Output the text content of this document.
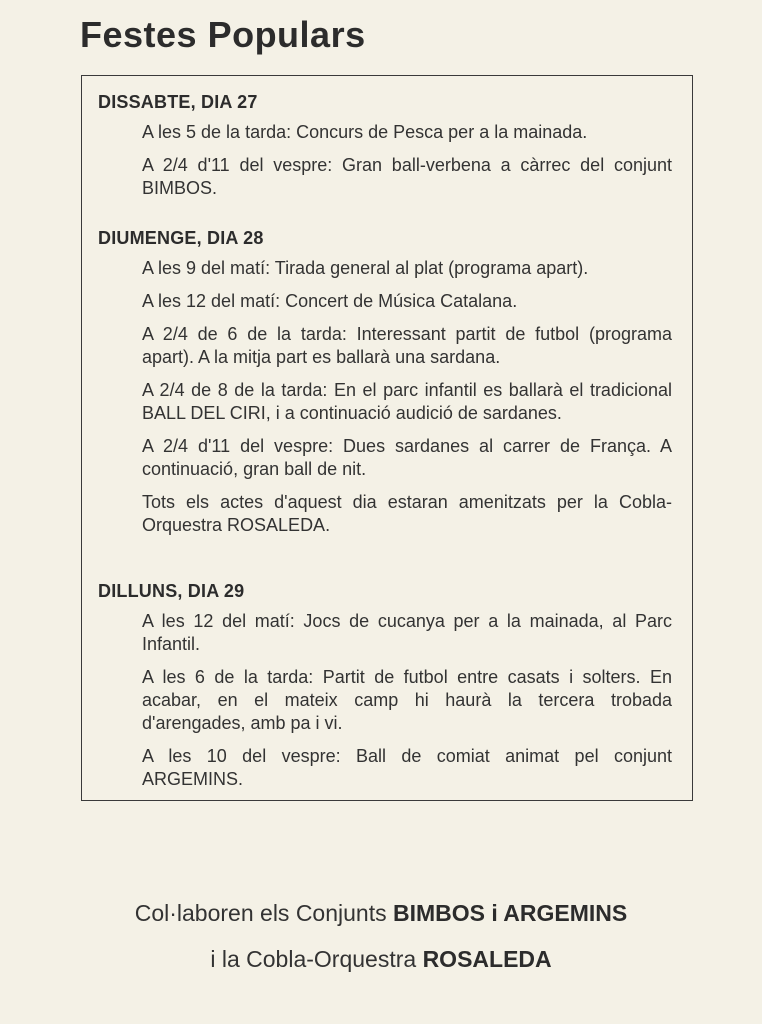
Festes Populars

DISSABTE, DIA 27

A les 5 de la tarda: Concurs de Pesca per a la mainada.

A 2/4 d'11 del vespre: Gran ball-verbena a càrrec del conjunt BIMBOS.

DIUMENGE, DIA 28

A les 9 del matí: Tirada general al plat (programa apart).

A les 12 del matí: Concert de Música Catalana.

A 2/4 de 6 de la tarda: Interessant partit de futbol (programa apart). A la mitja part es ballarà una sardana.

A 2/4 de 8 de la tarda: En el parc infantil es ballarà el tradicional BALL DEL CIRI, i a continuació audició de sardanes.

A 2/4 d'11 del vespre: Dues sardanes al carrer de França. A continuació, gran ball de nit.

Tots els actes d'aquest dia estaran amenitzats per la Cobla-Orquestra ROSALEDA.

DILLUNS, DIA 29

A les 12 del matí: Jocs de cucanya per a la mainada, al Parc Infantil.

A les 6 de la tarda: Partit de futbol entre casats i solters. En acabar, en el mateix camp hi haurà la tercera trobada d'arengades, amb pa i vi.

A les 10 del vespre: Ball de comiat animat pel conjunt ARGEMINS.

Col·laboren els Conjunts BIMBOS i ARGEMINS

i la Cobla-Orquestra ROSALEDA
